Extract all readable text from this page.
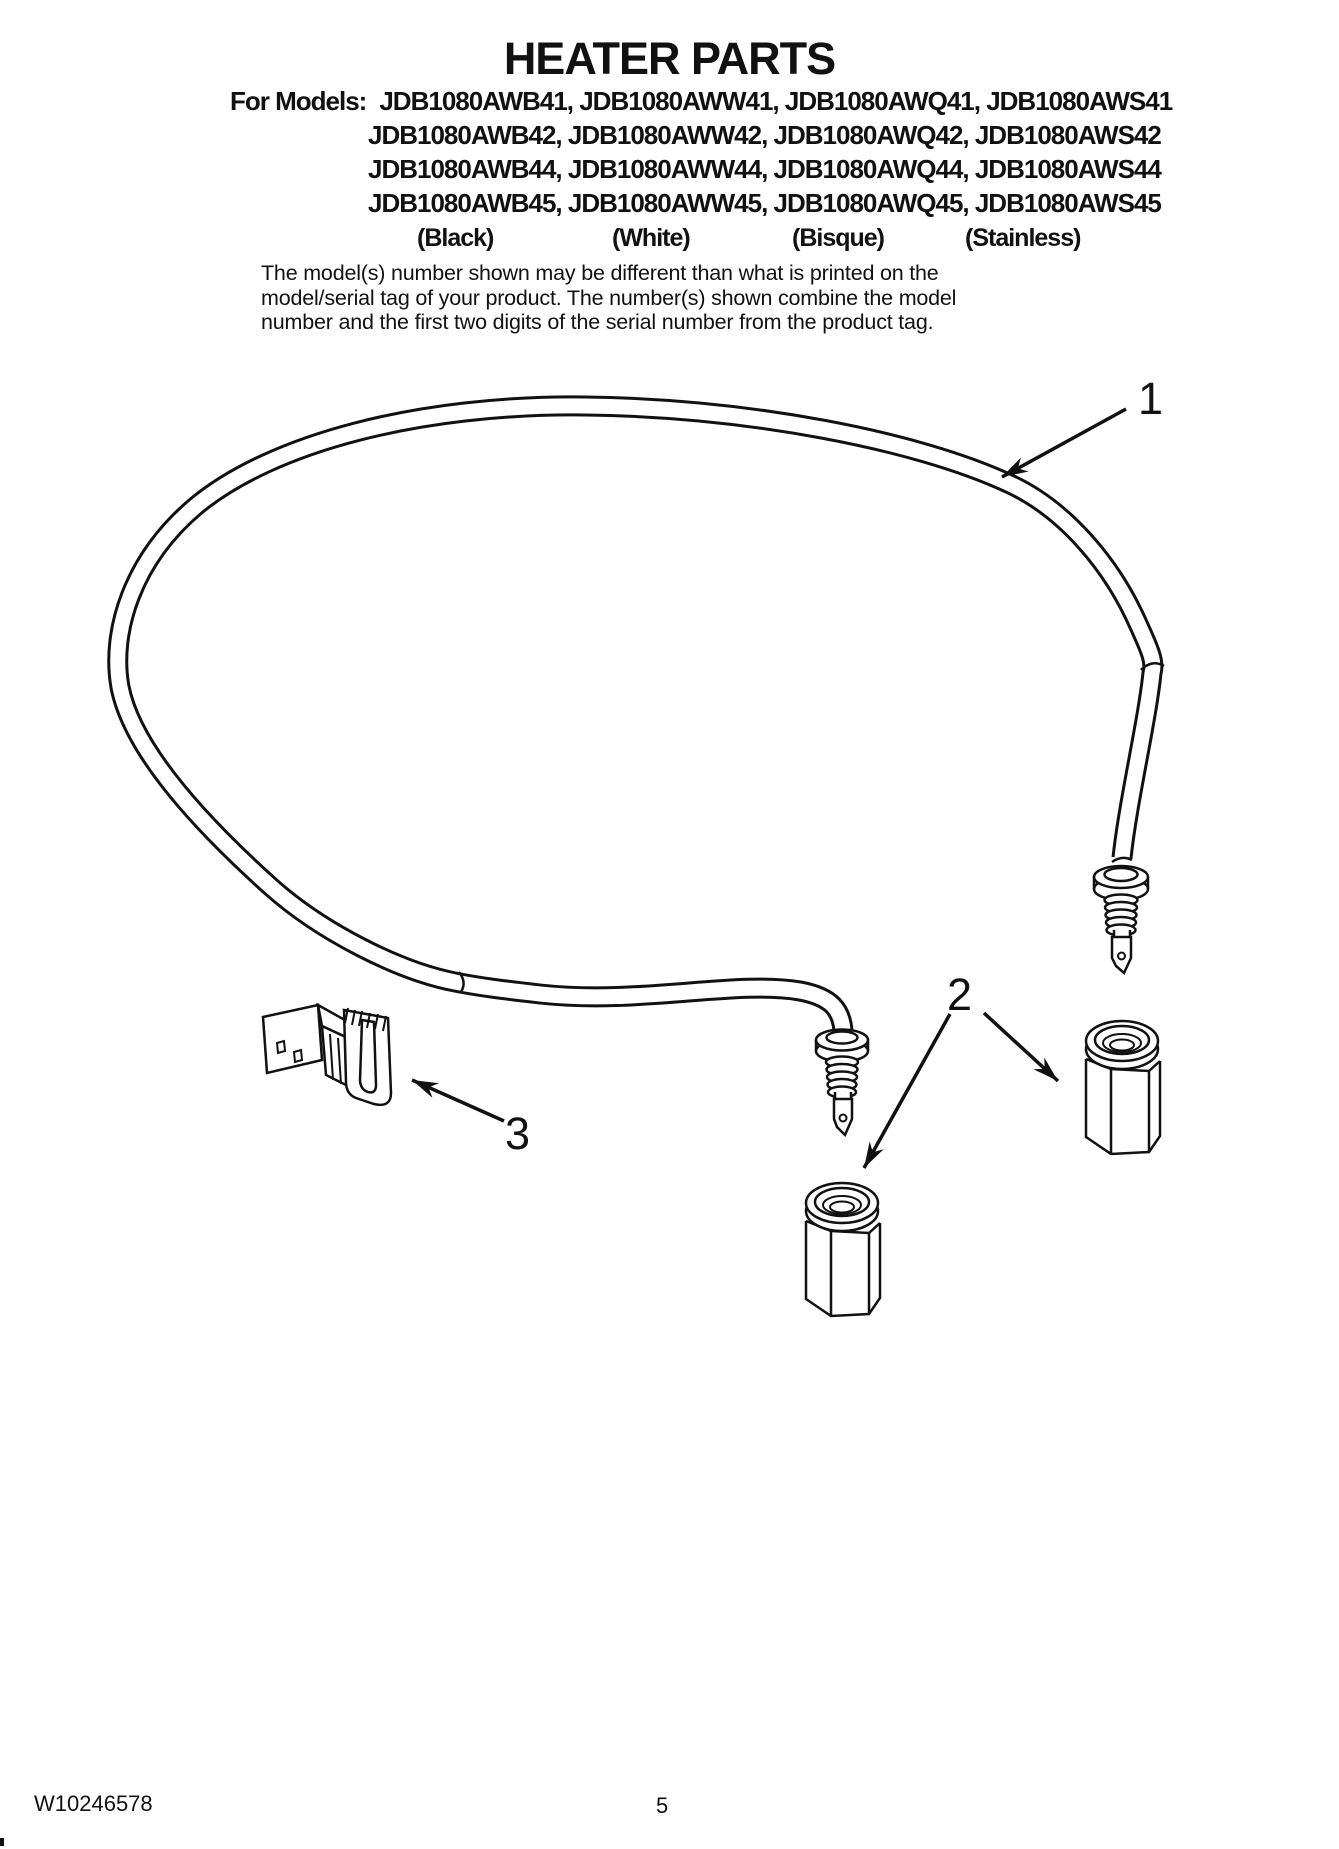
HEATER PARTS
For Models: JDB1080AWB41, JDB1080AWW41, JDB1080AWQ41, JDB1080AWS41
JDB1080AWB42, JDB1080AWW42, JDB1080AWQ42, JDB1080AWS42
JDB1080AWB44, JDB1080AWW44, JDB1080AWQ44, JDB1080AWS44
JDB1080AWB45, JDB1080AWW45, JDB1080AWQ45, JDB1080AWS45
(Black)	(White)	(Bisque)	(Stainless)
The model(s) number shown may be different than what is printed on the
model/serial tag of your product. The number(s) shown combine the model
number and the first two digits of the serial number from the product tag.
1
2
3
W10246578	5
